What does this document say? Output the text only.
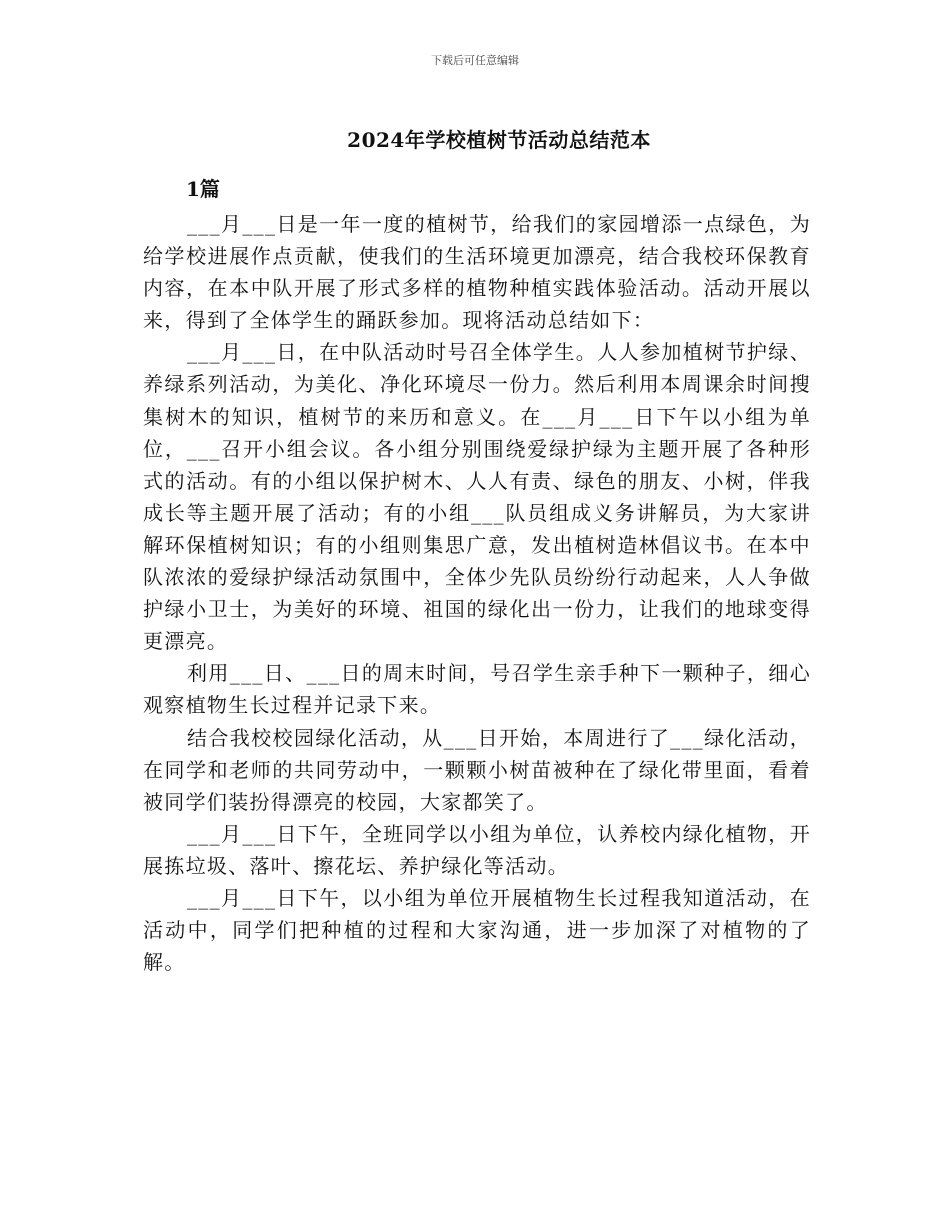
下载后可任意编辑
2024年学校植树节活动总结范本
1篇

___月___日是一年一度的植树节，给我们的家园增添一点绿色，为给学校进展作点贡献，使我们的生活环境更加漂亮，结合我校环保教育内容，在本中队开展了形式多样的植物种植实践体验活动。活动开展以来，得到了全体学生的踊跃参加。现将活动总结如下：

___月___日，在中队活动时号召全体学生。人人参加植树节护绿、养绿系列活动，为美化、净化环境尽一份力。然后利用本周课余时间搜集树木的知识，植树节的来历和意义。在___月___日下午以小组为单位，___召开小组会议。各小组分别围绕爱绿护绿为主题开展了各种形式的活动。有的小组以保护树木、人人有责、绿色的朋友、小树，伴我成长等主题开展了活动；有的小组___队员组成义务讲解员，为大家讲解环保植树知识；有的小组则集思广意，发出植树造林倡议书。在本中队浓浓的爱绿护绿活动氛围中，全体少先队员纷纷行动起来，人人争做护绿小卫士，为美好的环境、祖国的绿化出一份力，让我们的地球变得更漂亮。

利用___日、___日的周末时间，号召学生亲手种下一颗种子，细心观察植物生长过程并记录下来。

结合我校校园绿化活动，从___日开始，本周进行了___绿化活动，在同学和老师的共同劳动中，一颗颗小树苗被种在了绿化带里面，看着被同学们装扮得漂亮的校园，大家都笑了。

___月___日下午，全班同学以小组为单位，认养校内绿化植物，开展拣垃圾、落叶、擦花坛、养护绿化等活动。

___月___日下午，以小组为单位开展植物生长过程我知道活动，在活动中，同学们把种植的过程和大家沟通，进一步加深了对植物的了解。
